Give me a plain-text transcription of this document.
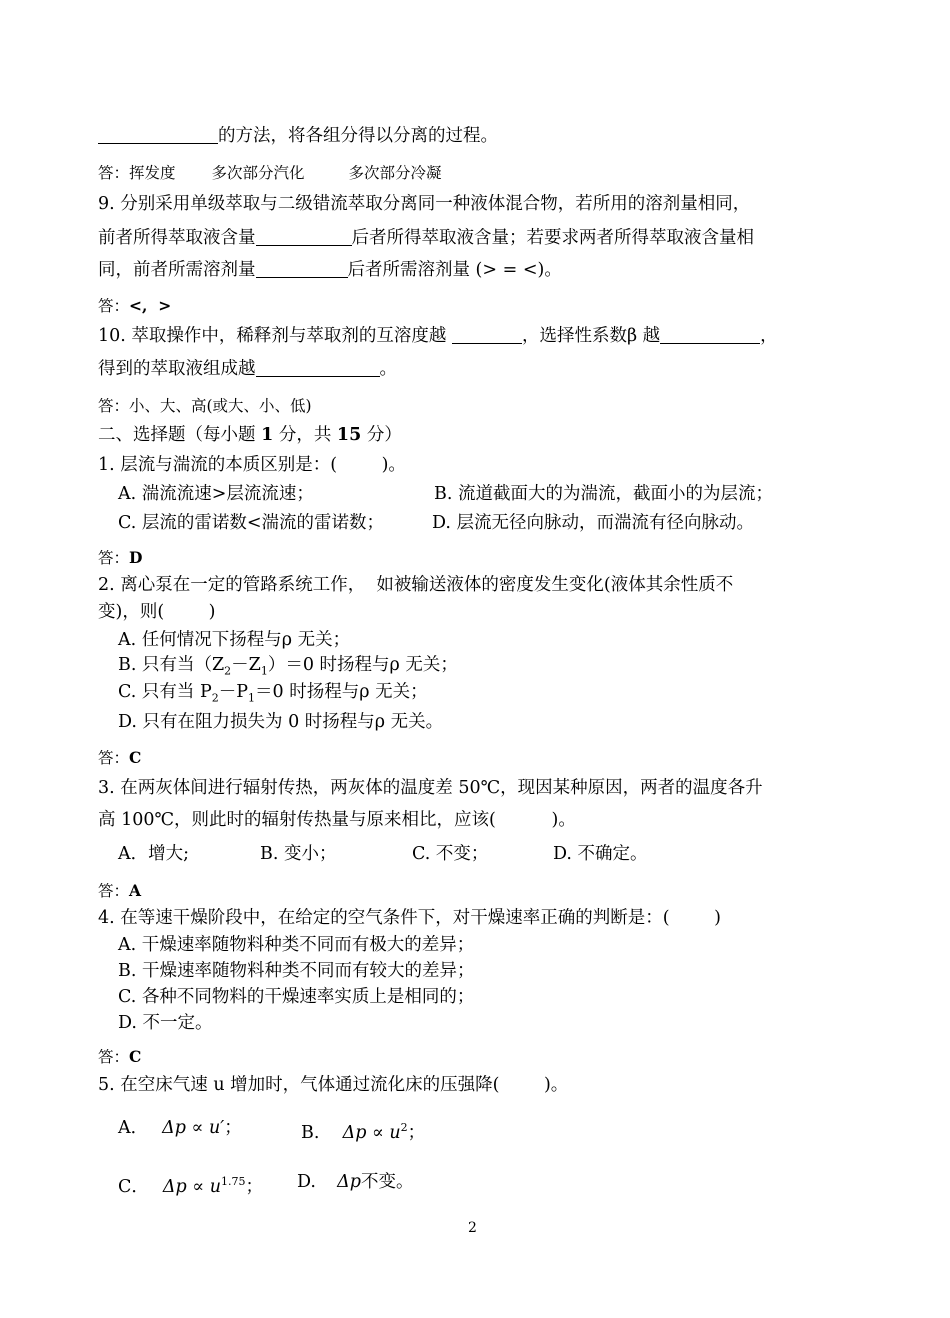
的方法，将各组分得以分离的过程。
答：挥发度 多次部分汽化	多次部分冷凝
9. 分别采用单级萃取与二级错流萃取分离同一种液体混合物，若所用的溶剂量相同，
前者所得萃取液含量	后者所得萃取液含量；若要求两者所得萃取液含量相
同，前者所需溶剂量	后者所需溶剂量 (> = <)。
答：<,  >
10. 萃取操作中，稀释剂与萃取剂的互溶度越	，选择性系数β 越	，
得到的萃取液组成越	。
答：小、大、高(或大、小、低)
二、选择题（每小题 1 分，共 15 分）
1. 层流与湍流的本质区别是：(        )。
A. 湍流流速>层流流速；	B. 流道截面大的为湍流，截面小的为层流；
C. 层流的雷诺数<湍流的雷诺数；	D. 层流无径向脉动，而湍流有径向脉动。
答：D
2. 离心泵在一定的管路系统工作，  如被输送液体的密度发生变化(液体其余性质不
变)，则(        )
A. 任何情况下扬程与ρ 无关；
B. 只有当$(Z_2-Z_1)=0$ 时扬程与ρ 无关；
C. 只有当 $P_2-P_1=0$ 时扬程与ρ 无关；
D. 只有在阻力损失为 0 时扬程与ρ 无关。
答：C
3. 在两灰体间进行辐射传热，两灰体的温度差 50℃，现因某种原因，两者的温度各升
高 100℃，则此时的辐射传热量与原来相比，应该(          )。
A．增大;	B. 变小；	C. 不变；	D. 不确定。
答：A
4. 在等速干燥阶段中，在给定的空气条件下，对干燥速率正确的判断是：(        )
A. 干燥速率随物料种类不同而有极大的差异；
B. 干燥速率随物料种类不同而有较大的差异；
C. 各种不同物料的干燥速率实质上是相同的；
D. 不一定。
答：C
5. 在空床气速 u 增加时，气体通过流化床的压强降(        )。
A． Δp ∝ u′；	B.  $\Delta p \propto u^2$；
C． $\Delta p \propto u^{1.75}$； D.  Δp不变。
2
